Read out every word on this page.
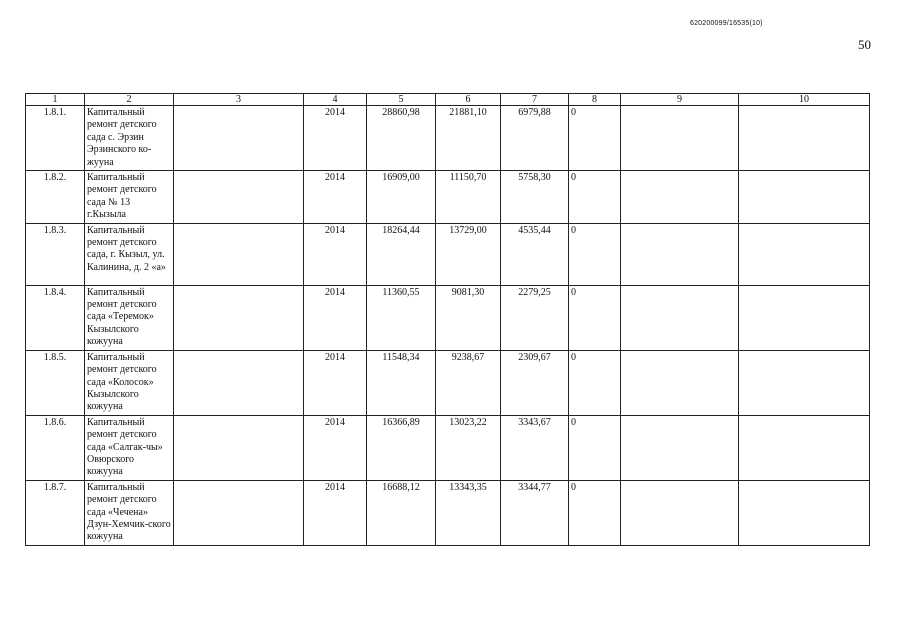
620200099/16535(10)
50
1	2	3	4	5	6	7	8	9	10
1.8.1.	Капитальный ремонт детского сада с. Эрзин Эрзинского ко-жууна		2014	28860,98	21881,10	6979,88	0		
1.8.2.	Капитальный ремонт детского сада № 13 г.Кызыла		2014	16909,00	11150,70	5758,30	0		
1.8.3.	Капитальный ремонт детского сада, г. Кызыл, ул. Калинина, д. 2 «а»		2014	18264,44	13729,00	4535,44	0		
1.8.4.	Капитальный ремонт детского сада «Теремок» Кызылского кожууна		2014	11360,55	9081,30	2279,25	0		
1.8.5.	Капитальный ремонт детского сада «Колосок» Кызылского кожууна		2014	11548,34	9238,67	2309,67	0		
1.8.6.	Капитальный ремонт детского сада «Салгак-чы» Овюрского кожууна		2014	16366,89	13023,22	3343,67	0		
1.8.7.	Капитальный ремонт детского сада «Чечена» Дзун-Хемчик-ского кожууна		2014	16688,12	13343,35	3344,77	0		
